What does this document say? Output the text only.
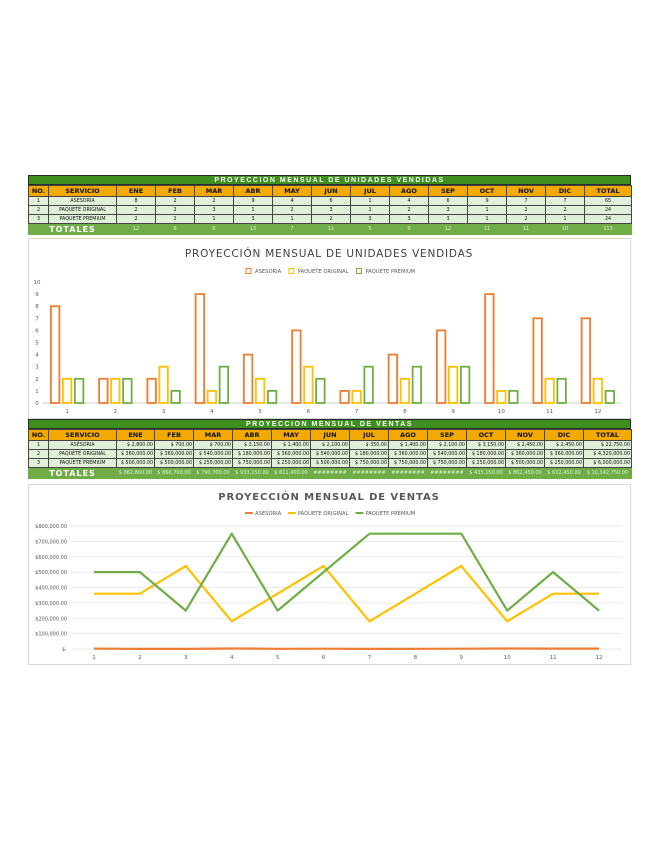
PROYECCION MENSUAL DE UNIDADES VENDIDAS
NO.	SERVICIO	ENE	FEB	MAR	ABR	MAY	JUN	JUL	AGO	SEP	OCT	NOV	DIC	TOTAL
1	ASESORIA	8	2	2	9	4	6	1	4	6	9	7	7	65
2	PAQUETE ORIGINAL	2	2	3	1	2	3	1	2	3	1	2	2	24
3	PAQUETE PREMIUM	2	2	1	3	1	2	3	3	3	1	2	1	24
TOTALES		12	6	6	13	7	11	5	9	12	11	11	10	113
PROYECCIÓN MENSUAL DE UNIDADES VENDIDAS
ASESORIA	PAQUETE ORIGINAL	PAQUETE PREMIUM
0
1
2
3
4
5
6
7
8
9
10
1	2	3	4	5	6	7	8	9	10	11	12
PROYECCION MENSUAL DE VENTAS
NO.	SERVICIO	ENE	FEB	MAR	ABR	MAY	JUN	JUL	AGO	SEP	OCT	NOV	DIC	TOTAL
1	ASESORIA	$ 2,800.00	$ 700.00	$ 700.00	$ 3,150.00	$ 1,400.00	$ 2,100.00	$ 350.00	$ 1,400.00	$ 2,100.00	$ 3,150.00	$ 2,450.00	$ 2,450.00	$ 22,750.00
2	PAQUETE ORIGINAL	$ 360,000.00	$ 360,000.00	$ 540,000.00	$ 180,000.00	$ 360,000.00	$ 540,000.00	$ 180,000.00	$ 360,000.00	$ 540,000.00	$ 180,000.00	$ 360,000.00	$ 360,000.00	$ 4,320,000.00
3	PAQUETE PREMIUM	$ 500,000.00	$ 500,000.00	$ 250,000.00	$ 750,000.00	$ 250,000.00	$ 500,000.00	$ 750,000.00	$ 750,000.00	$ 750,000.00	$ 250,000.00	$ 500,000.00	$ 250,000.00	$ 6,000,000.00
TOTALES		$ 862,800.00	$ 860,700.00	$ 790,700.00	$ 933,150.00	$ 611,400.00	########	########	########	########	$ 433,150.00	$ 862,450.00	$ 612,450.00	$ 10,342,750.00
PROYECCIÓN MENSUAL DE VENTAS
ASESORIA	PAQUETE ORIGINAL	PAQUETE PREMIUM
$-
$100,000.00
$200,000.00
$300,000.00
$400,000.00
$500,000.00
$600,000.00
$700,000.00
$800,000.00
1	2	3	4	5	6	7	8	9	10	11	12
